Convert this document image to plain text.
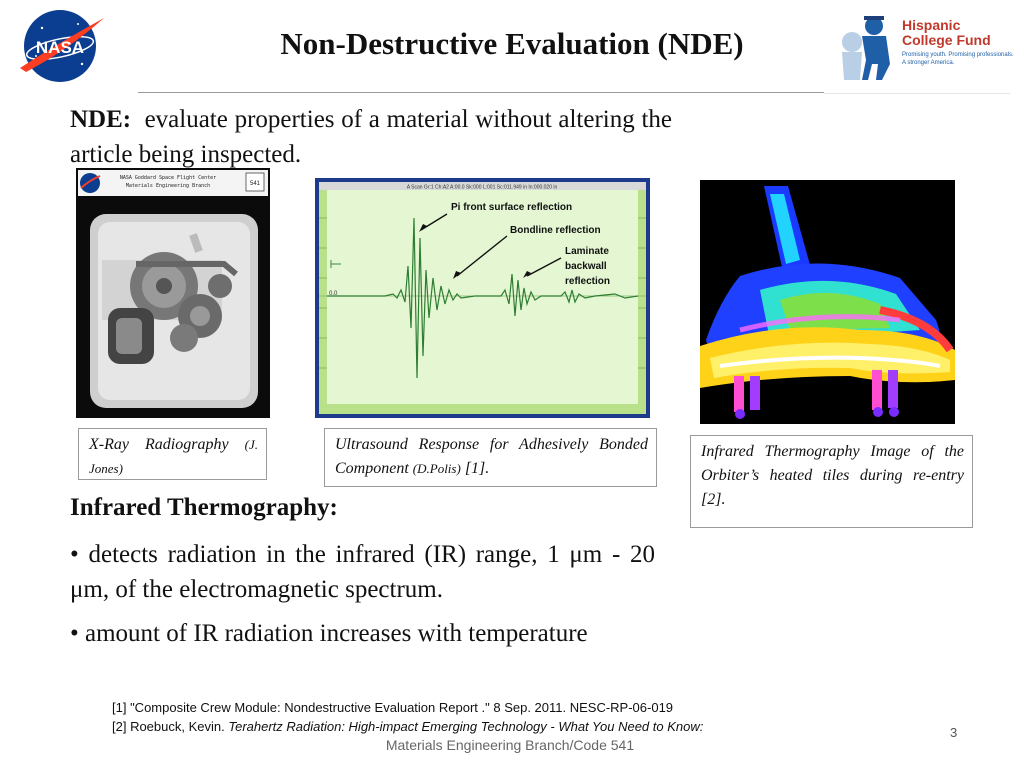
NASA	Non-Destructive Evaluation (NDE)
Hispanic
College Fund
Promising youth. Promising professionals.
A stronger America.
NDE: evaluate properties of a material without altering the article being inspected.
NASA Goddard Space Flight Center
Materials Engineering Branch	541
A Scan Gr:1 Ch:A2 A:00.0 Sk:000 L:001 Sc:011.949 in In:000.020 in
0.0
Pi front surface reflection
Bondline reflection
Laminate
backwall
reflection
X-Ray Radiography (J. Jones)
Ultrasound Response for Adhesively Bonded Component (D.Polis) [1].
Infrared Thermography Image of the Orbiter’s heated tiles during re-entry [2].
Infrared Thermography:
• detects radiation in the infrared (IR) range, 1 μm - 20 μm, of the electromagnetic spectrum.
• amount of IR radiation increases with temperature
[1] "Composite Crew Module: Nondestructive Evaluation Report ." 8 Sep. 2011. NESC-RP-06-019
[2] Roebuck, Kevin. Terahertz Radiation: High-impact Emerging Technology - What You Need to Know:	3
Materials Engineering Branch/Code 541
